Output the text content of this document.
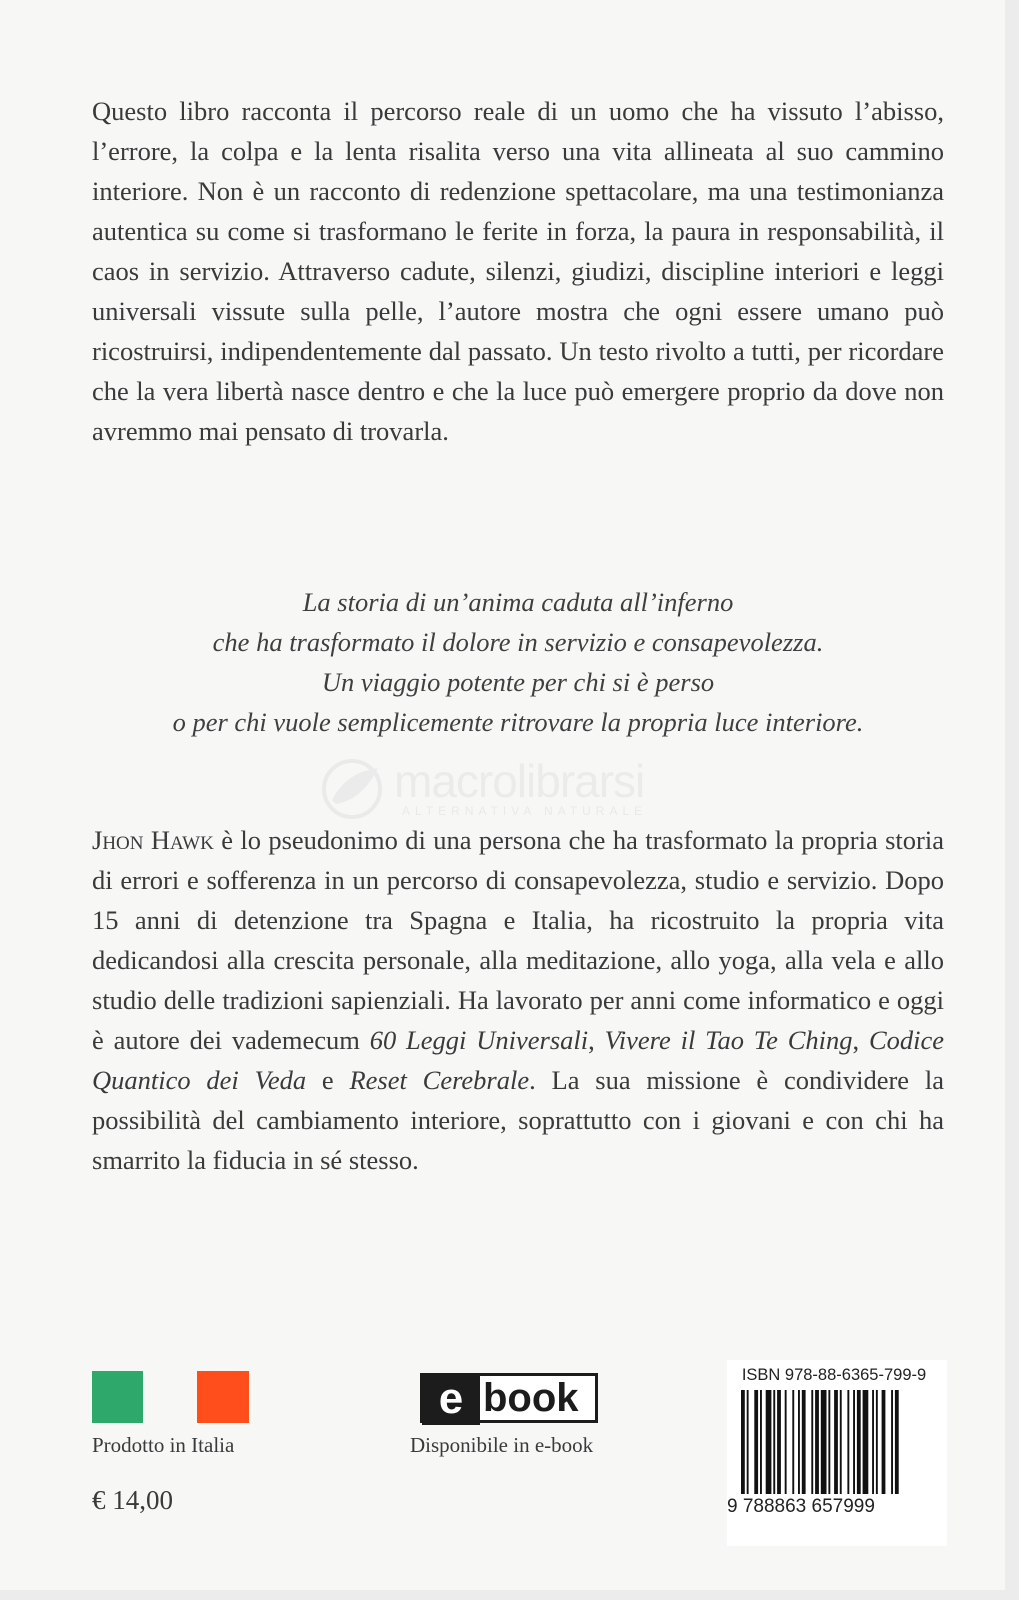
Questo libro racconta il percorso reale di un uomo che ha vissuto l’abisso, l’errore, la colpa e la lenta risalita verso una vita allineata al suo cammino interiore. Non è un racconto di redenzione spettacolare, ma una testimonianza autentica su come si trasformano le ferite in forza, la paura in responsabilità, il caos in servizio. Attraverso cadute, silenzi, giudizi, discipline interiori e leggi universali vissute sulla pelle, l’autore mostra che ogni essere umano può ricostruirsi, indipendentemente dal passato. Un testo rivolto a tutti, per ricordare che la vera libertà nasce dentro e che la luce può emergere proprio da dove non avremmo mai pensato di trovarla.

La storia di un’anima caduta all’inferno
che ha trasformato il dolore in servizio e consapevolezza.
Un viaggio potente per chi si è perso
o per chi vuole semplicemente ritrovare la propria luce interiore.
macrolibrarsi
ALTERNATIVA NATURALE

Jhon Hawk è lo pseudonimo di una persona che ha trasformato la propria storia di errori e sofferenza in un percorso di consapevolezza, studio e servizio. Dopo 15 anni di detenzione tra Spagna e Italia, ha ricostruito la propria vita dedicandosi alla crescita personale, alla meditazione, allo yoga, alla vela e allo studio delle tradizioni sapienziali. Ha lavorato per anni come informatico e oggi è autore dei vademecum 60 Leggi Universali, Vivere il Tao Te Ching, Codice Quantico dei Veda e Reset Cerebrale. La sua missione è condividere la possibilità del cambiamento interiore, soprattutto con i giovani e con chi ha smarrito la fiducia in sé stesso.

Prodotto in Italia
€ 14,00
e book
Disponibile in e-book
ISBN 978-88-6365-799-9
9 788863 657999
